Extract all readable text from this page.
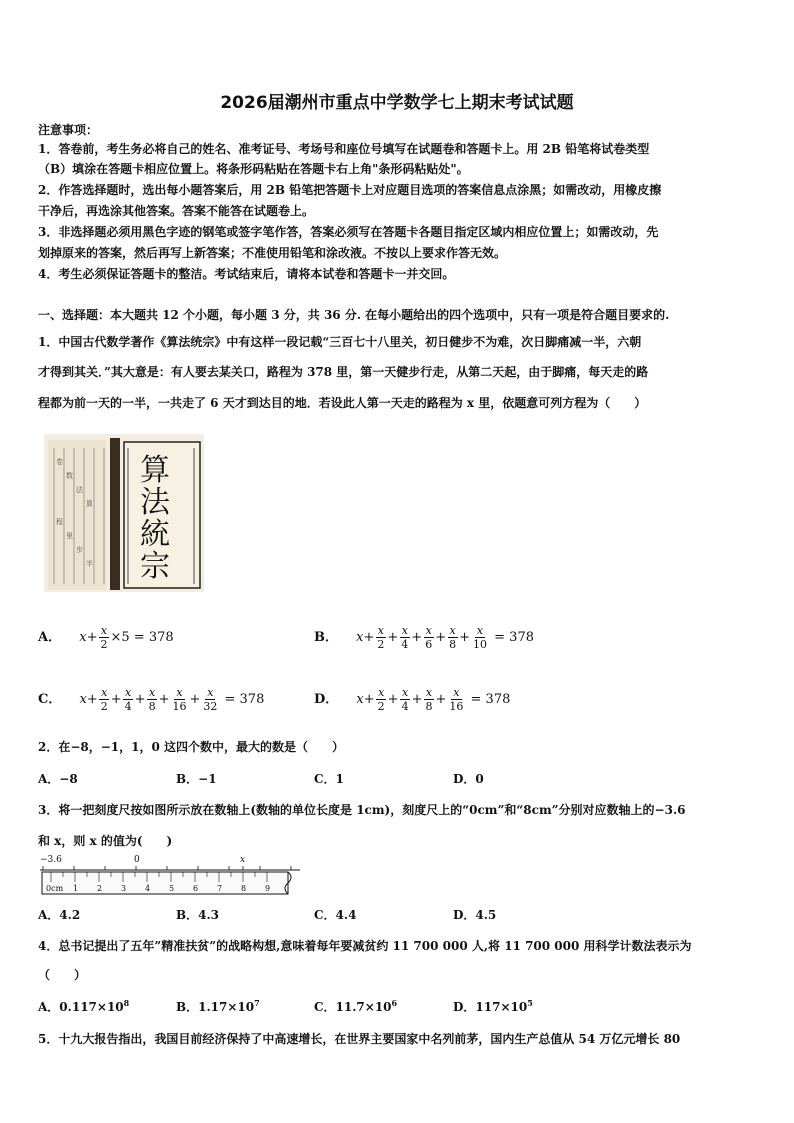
2026届潮州市重点中学数学七上期末考试试题
注意事项：
1．答卷前，考生务必将自己的姓名、准考证号、考场号和座位号填写在试题卷和答题卡上。用 2B 铅笔将试卷类型
（B）填涂在答题卡相应位置上。将条形码粘贴在答题卡右上角"条形码粘贴处"。
2．作答选择题时，选出每小题答案后，用 2B 铅笔把答题卡上对应题目选项的答案信息点涂黑；如需改动，用橡皮擦
干净后，再选涂其他答案。答案不能答在试题卷上。
3．非选择题必须用黑色字迹的钢笔或签字笔作答，答案必须写在答题卡各题目指定区域内相应位置上；如需改动，先
划掉原来的答案，然后再写上新答案；不准使用铅笔和涂改液。不按以上要求作答无效。
4．考生必须保证答题卡的整洁。考试结束后，请将本试卷和答题卡一并交回。
一、选择题：本大题共 12 个小题，每小题 3 分，共 36 分. 在每小题给出的四个选项中，只有一项是符合题目要求的.
1．中国古代数学著作《算法统宗》中有这样一段记载“三百七十八里关，初日健步不为难，次日脚痛减一半，六朝
才得到其关．”其大意是：有人要去某关口，路程为 378 里，第一天健步行走，从第二天起，由于脚痛，每天走的路
程都为前一天的一半，一共走了 6 天才到达目的地．若设此人第一天走的路程为 x 里，依题意可列方程为（　　）
卷
数
法
算
程
里
步
半
算
法
統
宗
A． $x+ \frac{x}{2} \times 5 = 378$	B． $x+ \frac{x}{2} + \frac{x}{4} + \frac{x}{6} + \frac{x}{8} + \frac{x}{10} = 378$
C． $x+ \frac{x}{2} + \frac{x}{4} + \frac{x}{8} + \frac{x}{16} + \frac{x}{32} = 378$	D． $x+ \frac{x}{2} + \frac{x}{4} + \frac{x}{8} + \frac{x}{16} = 378$
2．在−8，−1，1，0 这四个数中，最大的数是（　　）
A．−8	B．−1	C．1	D．0
3．将一把刻度尺按如图所示放在数轴上(数轴的单位长度是 1cm)，刻度尺上的“0cm”和“8cm”分别对应数轴上的−3.6
和 x，则 x 的值为(　　)
−3.6	0	x
0cm 1 2 3 4 5 6 7 8 9
A．4.2	B．4.3	C．4.4	D．4.5
4．总书记提出了五年”精准扶贫”的战略构想,意味着每年要减贫约 11 700 000 人,将 11 700 000 用科学计数法表示为
（　　）
A．$0.117\times 10^8$	B．$1.17\times 10^7$	C．$11.7\times 10^6$	D．$117\times 10^5$
5．十九大报告指出，我国目前经济保持了中高速增长，在世界主要国家中名列前茅，国内生产总值从 54 万亿元增长 80
